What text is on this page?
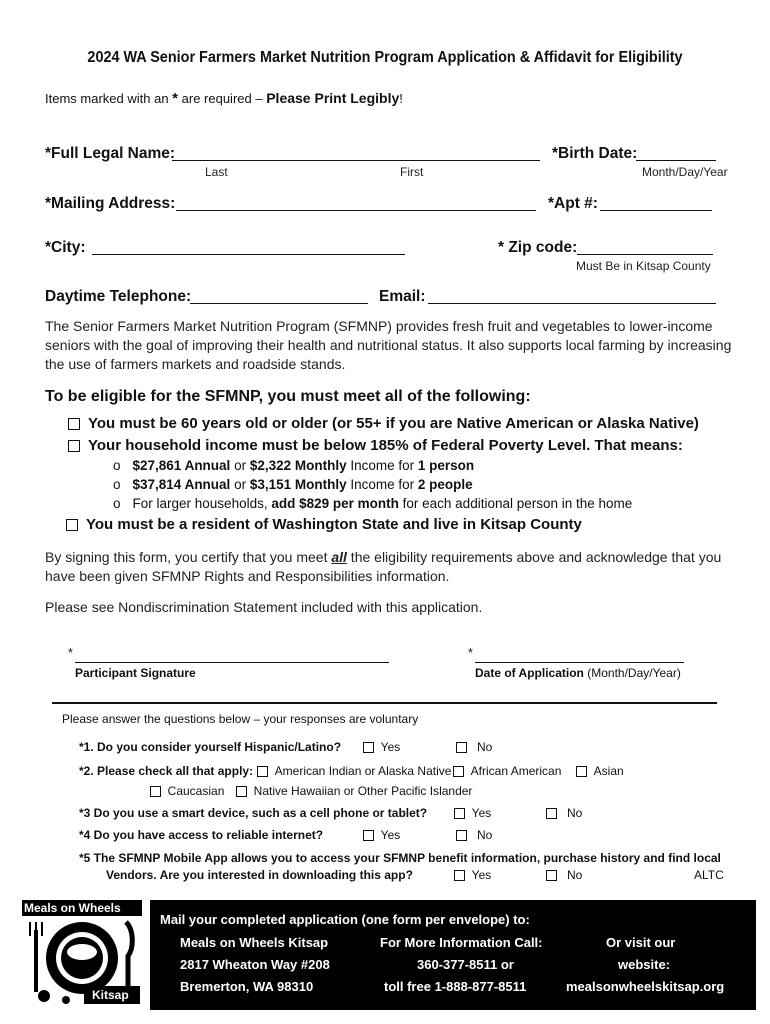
2024 WA Senior Farmers Market Nutrition Program Application & Affidavit for Eligibility
Items marked with an * are required – Please Print Legibly!
*Full Legal Name:
Last	First
*Birth Date:
Month/Day/Year
*Mailing Address:	*Apt #:
*City:	* Zip code:
Must Be in Kitsap County
Daytime Telephone:	Email:
The Senior Farmers Market Nutrition Program (SFMNP) provides fresh fruit and vegetables to lower-income seniors with the goal of improving their health and nutritional status. It also supports local farming by increasing the use of farmers markets and roadside stands.
To be eligible for the SFMNP, you must meet all of the following:
You must be 60 years old or older (or 55+ if you are Native American or Alaska Native)
Your household income must be below 185% of Federal Poverty Level. That means:
o $27,861 Annual or $2,322 Monthly Income for 1 person
o $37,814 Annual or $3,151 Monthly Income for 2 people
o For larger households, add $829 per month for each additional person in the home
You must be a resident of Washington State and live in Kitsap County
By signing this form, you certify that you meet all the eligibility requirements above and acknowledge that you have been given SFMNP Rights and Responsibilities information.
Please see Nondiscrimination Statement included with this application.
*
Participant Signature
*
Date of Application (Month/Day/Year)
Please answer the questions below – your responses are voluntary
*1. Do you consider yourself Hispanic/Latino?	Yes	No
*2. Please check all that apply:	American Indian or Alaska Native	African American	Asian
Caucasian	Native Hawaiian or Other Pacific Islander
*3 Do you use a smart device, such as a cell phone or tablet?	Yes	No
*4 Do you have access to reliable internet?	Yes	No
*5 The SFMNP Mobile App allows you to access your SFMNP benefit information, purchase history and find local
Vendors. Are you interested in downloading this app?	Yes	No	ALTC
Meals on Wheels
Kitsap
Mail your completed application (one form per envelope) to:
Meals on Wheels Kitsap
2817 Wheaton Way #208
Bremerton, WA 98310
For More Information Call:
360-377-8511 or
toll free 1-888-877-8511
Or visit our
website:
mealsonwheelskitsap.org
